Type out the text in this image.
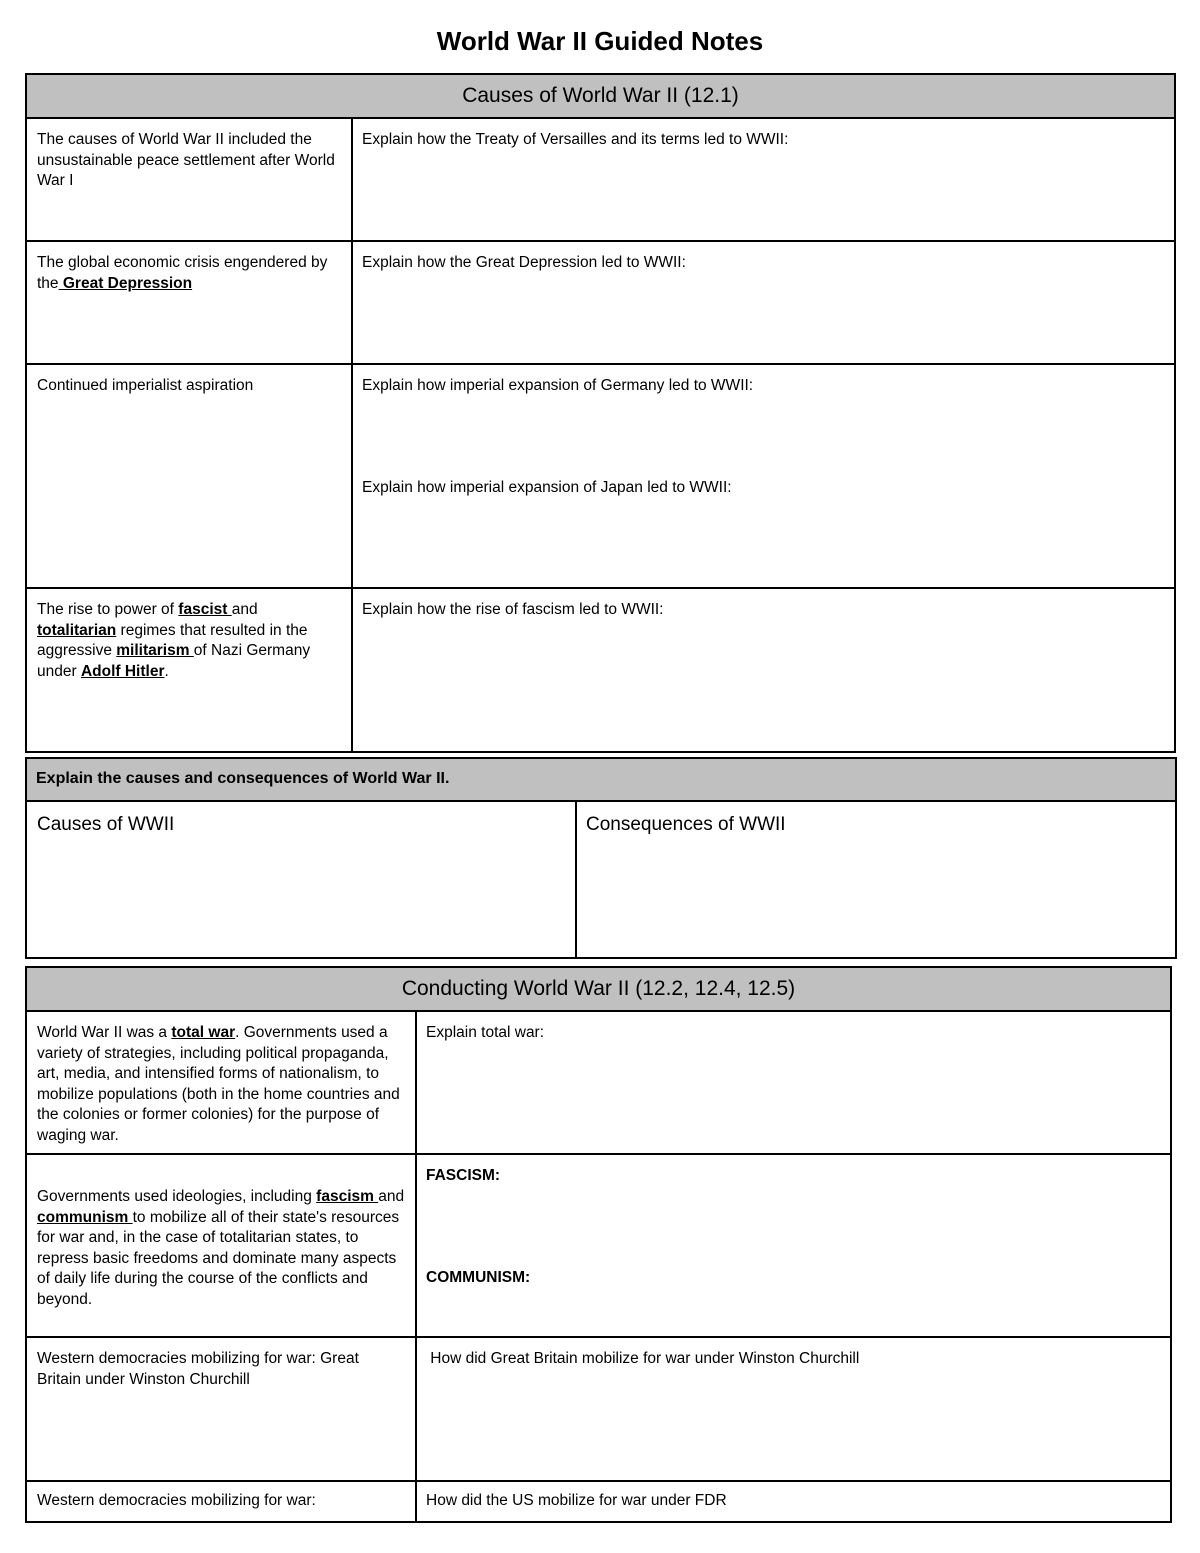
World War II Guided Notes
Causes of World War II (12.1)	
The causes of World War II included the unsustainable peace settlement after World War I	Explain how the Treaty of Versailles and its terms led to WWII:
The global economic crisis engendered by the Great Depression	Explain how the Great Depression led to WWII:
Continued imperialist aspiration	Explain how imperial expansion of Germany led to WWII:
Explain how imperial expansion of Japan led to WWII:

The rise to power of fascist and totalitarian regimes that resulted in the aggressive militarism of Nazi Germany under Adolf Hitler.	Explain how the rise of fascism led to WWII:
Explain the causes and consequences of World War II.
Causes of WWII	Consequences of WWII
Conducting World War II (12.2, 12.4, 12.5)	
World War II was a total war. Governments used a variety of strategies, including political propaganda, art, media, and intensified forms of nationalism, to mobilize populations (both in the home countries and the colonies or former colonies) for the purpose of waging war.	Explain total war:
Governments used ideologies, including fascism and communism to mobilize all of their state's resources for war and, in the case of totalitarian states, to repress basic freedoms and dominate many aspects of daily life during the course of the conflicts and beyond.	FASCISM:
COMMUNISM:

Western democracies mobilizing for war: Great Britain under Winston Churchill	How did Great Britain mobilize for war under Winston Churchill
Western democracies mobilizing for war:	How did the US mobilize for war under FDR
